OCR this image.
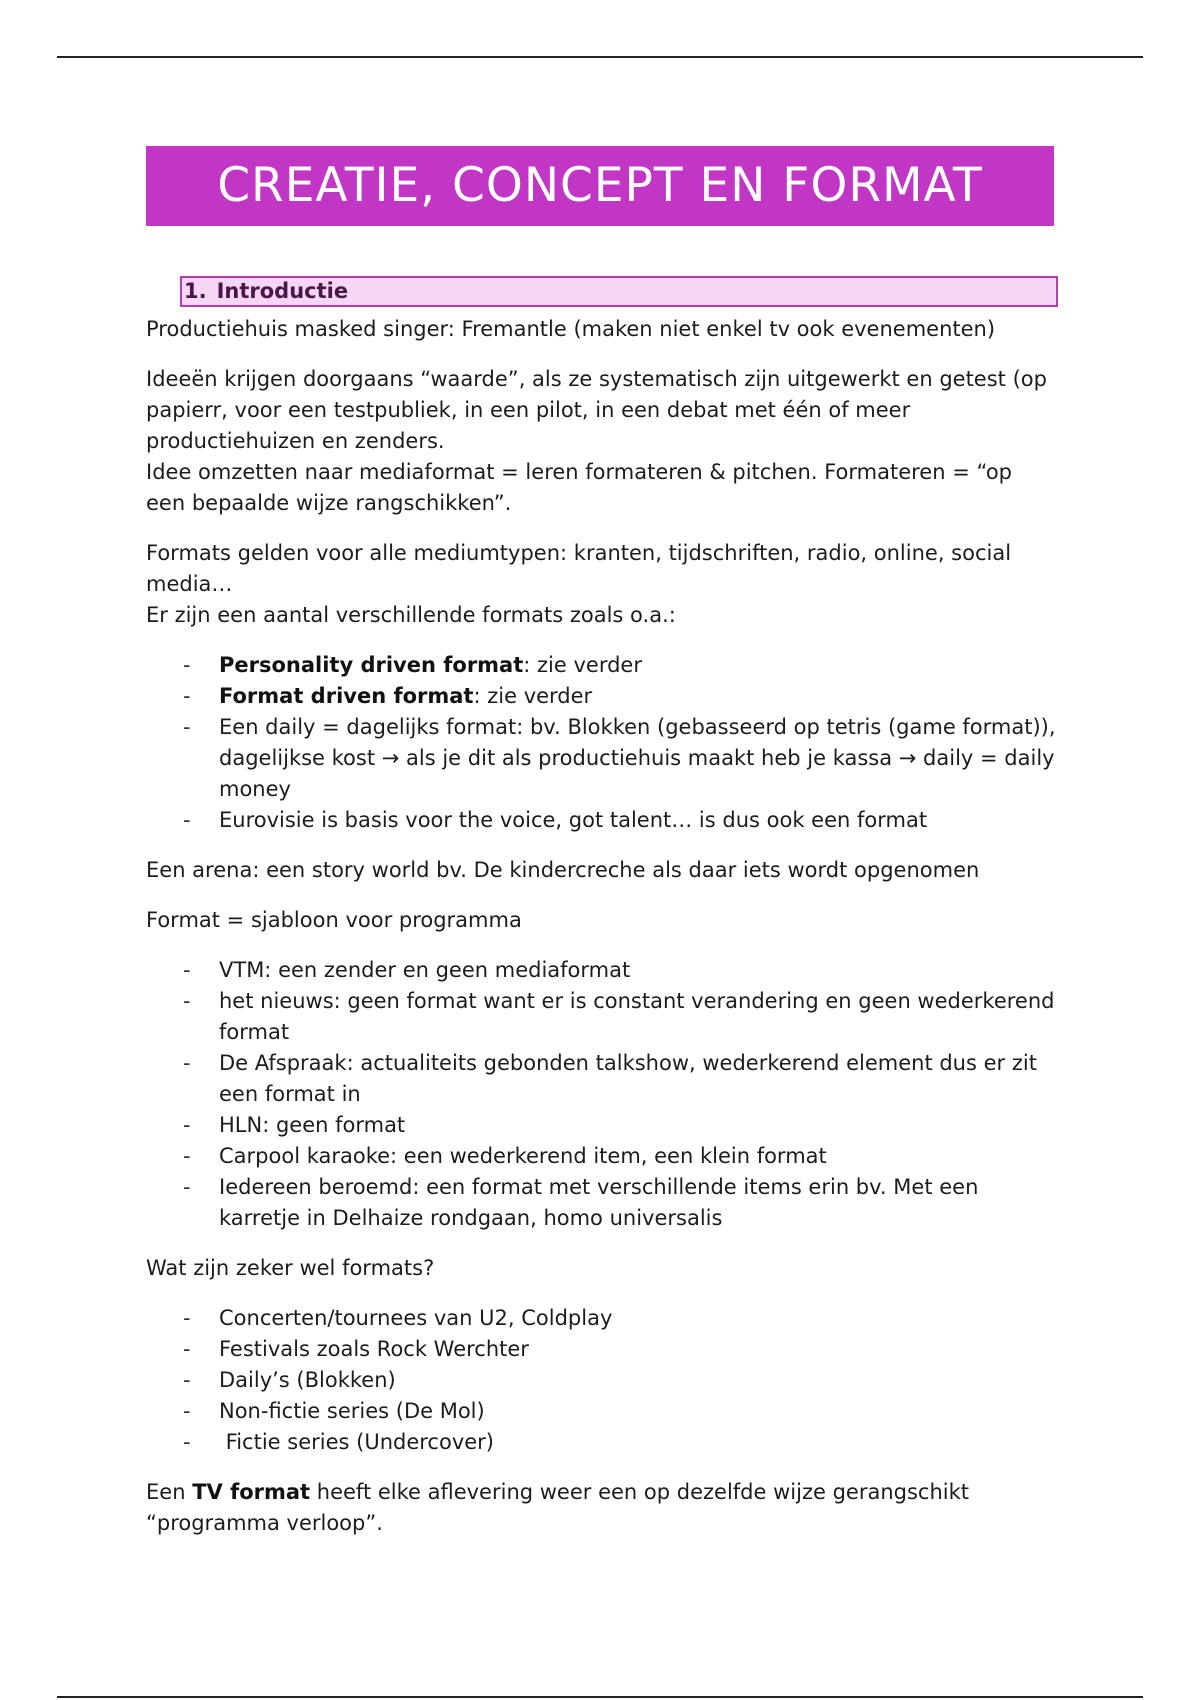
CREATIE, CONCEPT EN FORMAT
1. Introductie

Productiehuis masked singer: Fremantle (maken niet enkel tv ook evenementen)

Ideeën krijgen doorgaans “waarde”, als ze systematisch zijn uitgewerkt en getest (op papierr, voor een testpubliek, in een pilot, in een debat met één of meer productiehuizen en zenders.

Idee omzetten naar mediaformat = leren formateren & pitchen. Formateren = “op een bepaalde wijze rangschikken”.

Formats gelden voor alle mediumtypen: kranten, tijdschriften, radio, online, social media…

Er zijn een aantal verschillende formats zoals o.a.:

- Personality driven format: zie verder
- Format driven format: zie verder
- Een daily = dagelijks format: bv. Blokken (gebasseerd op tetris (game format)), dagelijkse kost → als je dit als productiehuis maakt heb je kassa → daily = daily money
- Eurovisie is basis voor the voice, got talent… is dus ook een format

Een arena: een story world bv. De kindercreche als daar iets wordt opgenomen

Format = sjabloon voor programma

- VTM: een zender en geen mediaformat
- het nieuws: geen format want er is constant verandering en geen wederkerend format
- De Afspraak: actualiteits gebonden talkshow, wederkerend element dus er zit een format in
- HLN: geen format
- Carpool karaoke: een wederkerend item, een klein format
- Iedereen beroemd: een format met verschillende items erin bv. Met een karretje in Delhaize rondgaan, homo universalis

Wat zijn zeker wel formats?

- Concerten/tournees van U2, Coldplay
- Festivals zoals Rock Werchter
- Daily’s (Blokken)
- Non-fictie series (De Mol)
-  Fictie series (Undercover)

Een TV format heeft elke aflevering weer een op dezelfde wijze gerangschikt “programma verloop”.
